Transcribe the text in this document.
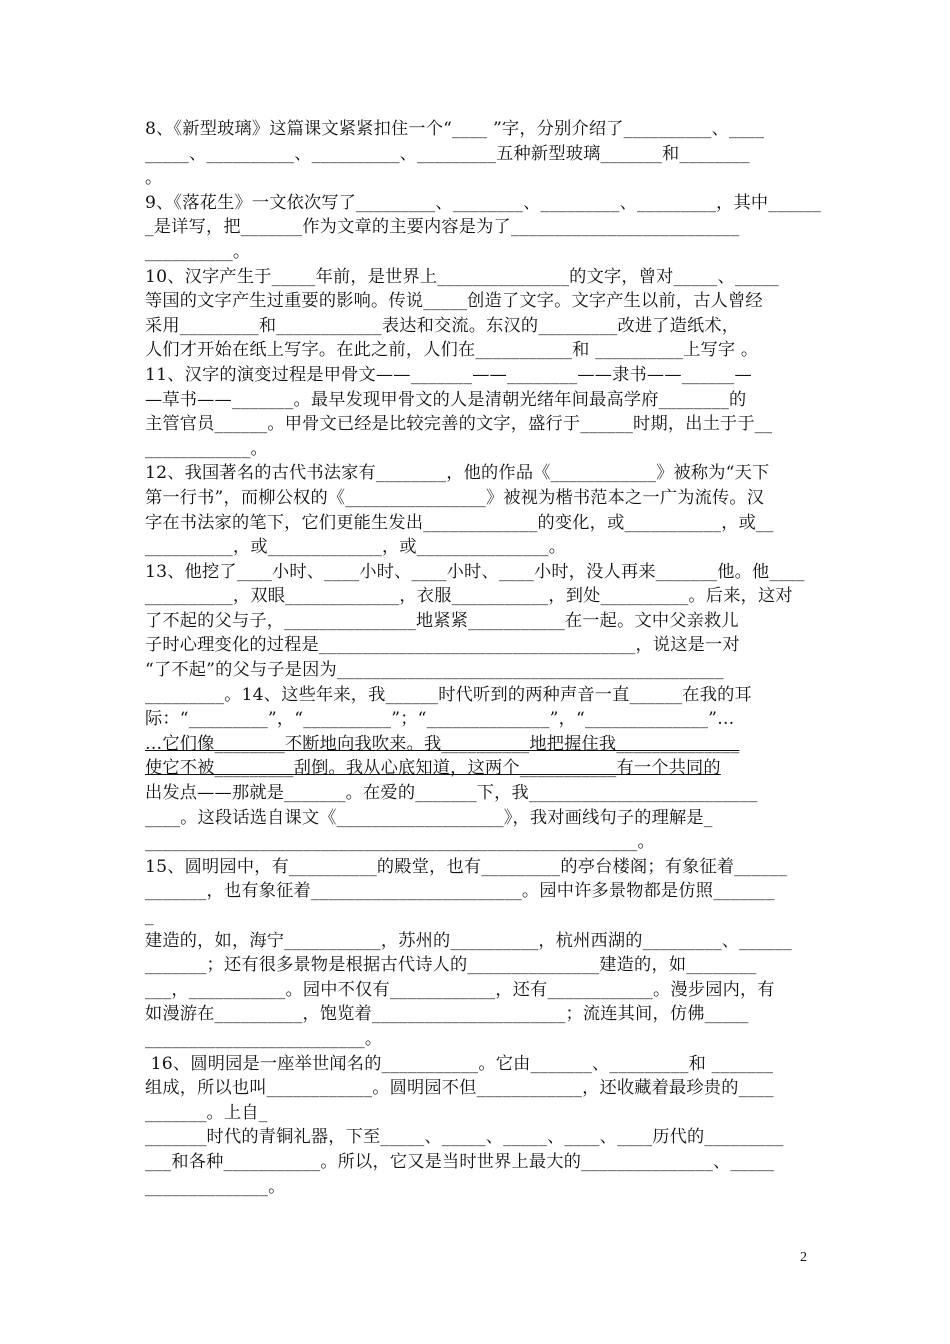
8、《新型玻璃》这篇课文紧紧扣住一个“____ ”字，分别介绍了__________、____
_____、__________、__________、_________五种新型玻璃_______和________
。
9、《落花生》一文依次写了_________、________、_________、_________，其中______
_是详写，把_______作为文章的主要内容是为了__________________________
__________。
10、汉字产生于_____年前，是世界上_______________的文字，曾对_____、_____
等国的文字产生过重要的影响。传说_____创造了文字。文字产生以前，古人曾经
采用_________和____________表达和交流。东汉的_________改进了造纸术，
人们才开始在纸上写字。在此之前，人们在___________和 __________上写字 。
11、汉字的演变过程是甲骨文——_______——________——隶书——______—
—草书——_______。最早发现甲骨文的人是清朝光绪年间最高学府________的
主管官员______。甲骨文已经是比较完善的文字，盛行于______时期，出土于于__
____________。
12、我国著名的古代书法家有________，他的作品《____________》被称为“天下
第一行书”，而柳公权的《________________》被视为楷书范本之一广为流传。汉
字在书法家的笔下，它们更能生发出_____________的变化，或___________，或__
__________，或_____________，或_______________。
13、他挖了____小时、____小时、____小时、____小时，没人再来_______他。他____
__________，双眼_____________，衣服___________，到处__________。后来，这对
了不起的父与子，_______________地紧紧___________在一起。文中父亲救儿
子时心理变化的过程是____________________________________，说这是一对
“了不起”的父与子是因为____________________________________________
_________。14、这些年来，我______时代听到的两种声音一直______在我的耳
际：“_________”，“__________”；“______________”，“______________”…
…它们像________不断地向我吹来。我__________地把握住我______________
使它不被_________刮倒。我从心底知道，这两个___________有一个共同的
出发点——那就是_______。在爱的_______下，我__________________________
____。这段话选自课文《___________________》，我对画线句子的理解是_
________________________________________________________。
15、圆明园中，有__________的殿堂，也有_________的亭台楼阁；有象征着______
_______，也有象征着________________________。园中许多景物都是仿照_______
_
建造的，如，海宁___________，苏州的__________，杭州西湖的_________、______
_______；还有很多景物是根据古代诗人的_______________建造的，如________
___，___________。园中不仅有____________，还有____________。漫步园内，有
如漫游在__________，饱览着______________________；流连其间，仿佛_____
_________________________。
16、圆明园是一座举世闻名的___________。它由_______、_________和 _______
组成，所以也叫____________。圆明园不但____________，还收藏着最珍贵的____
_______。上自_
_______时代的青铜礼器，下至_____、_____、_____、____、____历代的_________
___和各种___________。所以，它又是当时世界上最大的_______________、_____
______________。
2
